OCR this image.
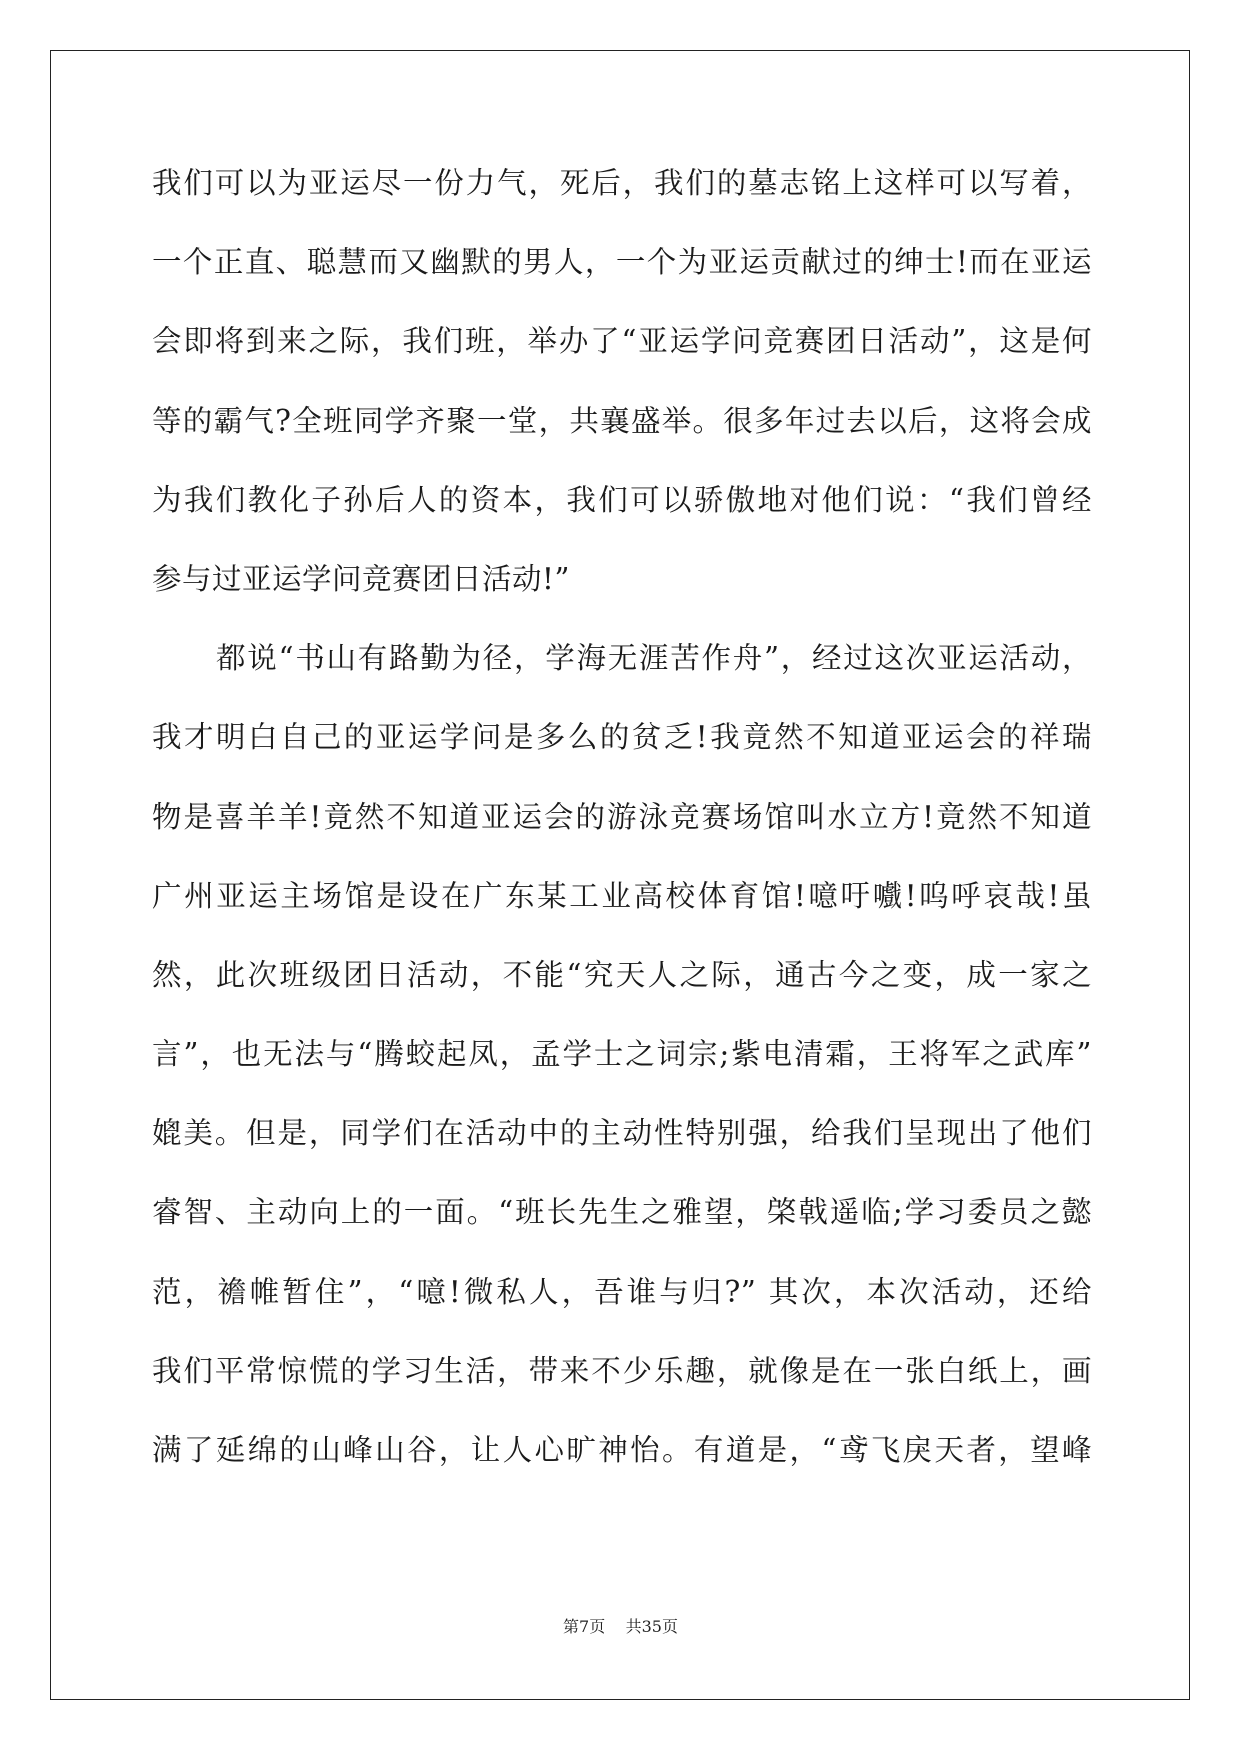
我们可以为亚运尽一份力气，死后，我们的墓志铭上这样可以写着，
一个正直、聪慧而又幽默的男人，一个为亚运贡献过的绅士!而在亚运
会即将到来之际，我们班，举办了“亚运学问竞赛团日活动”，这是何
等的霸气?全班同学齐聚一堂，共襄盛举。很多年过去以后，这将会成
为我们教化子孙后人的资本，我们可以骄傲地对他们说：“我们曾经
参与过亚运学问竞赛团日活动!”
都说“书山有路勤为径，学海无涯苦作舟”，经过这次亚运活动，
我才明白自己的亚运学问是多么的贫乏!我竟然不知道亚运会的祥瑞
物是喜羊羊!竟然不知道亚运会的游泳竞赛场馆叫水立方!竟然不知道
广州亚运主场馆是设在广东某工业高校体育馆!噫吁嚱!呜呼哀哉!虽
然，此次班级团日活动，不能“究天人之际，通古今之变，成一家之
言”，也无法与“腾蛟起凤，孟学士之词宗;紫电清霜，王将军之武库”
媲美。但是，同学们在活动中的主动性特别强，给我们呈现出了他们
睿智、主动向上的一面。“班长先生之雅望，棨戟遥临;学习委员之懿
范，襜帷暂住”，“噫!微私人，吾谁与归?” 其次，本次活动，还给
我们平常惊慌的学习生活，带来不少乐趣，就像是在一张白纸上，画
满了延绵的山峰山谷，让人心旷神怡。有道是，“鸢飞戾天者，望峰
第7页 共35页
